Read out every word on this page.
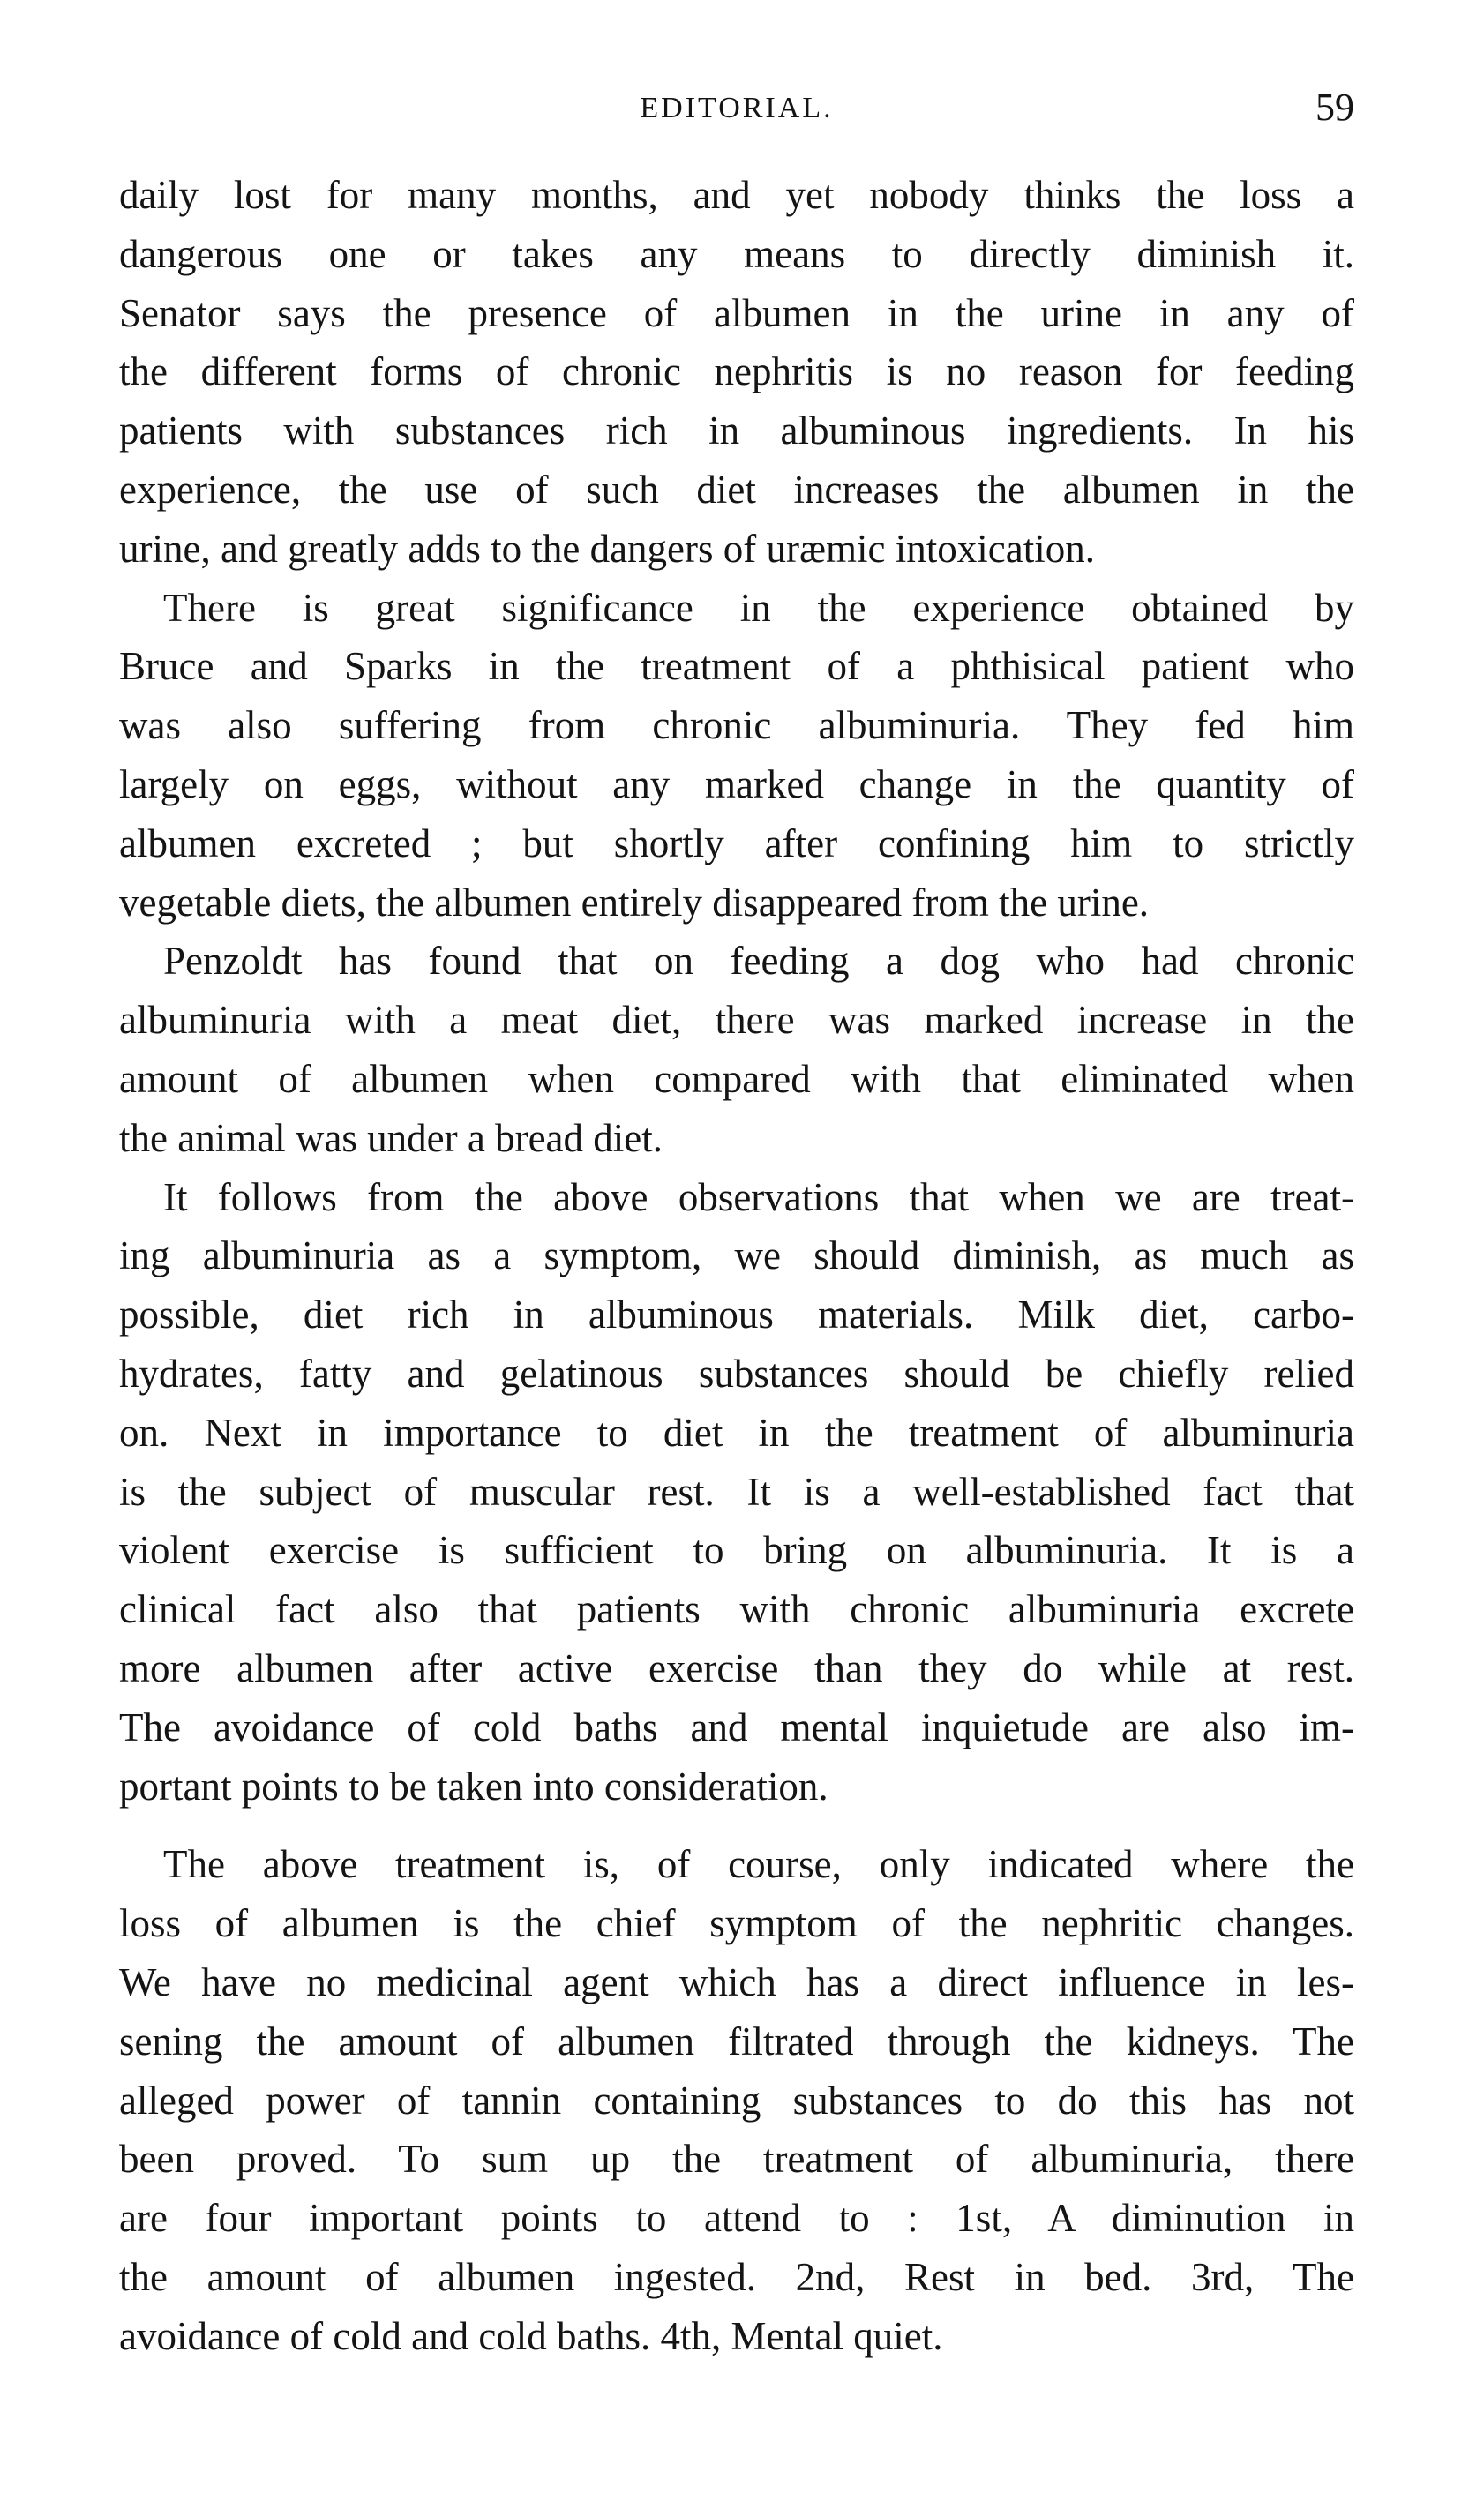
EDITORIAL.	59
daily lost for many months, and yet nobody thinks the loss a
dangerous one or takes any means to directly diminish it.
Senator says the presence of albumen in the urine in any of
the different forms of chronic nephritis is no reason for feeding
patients with substances rich in albuminous ingredients. In his
experience, the use of such diet increases the albumen in the
urine, and greatly adds to the dangers of uræmic intoxication.
There is great significance in the experience obtained by
Bruce and Sparks in the treatment of a phthisical patient who
was also suffering from chronic albuminuria. They fed him
largely on eggs, without any marked change in the quantity of
albumen excreted ; but shortly after confining him to strictly
vegetable diets, the albumen entirely disappeared from the urine.
Penzoldt has found that on feeding a dog who had chronic
albuminuria with a meat diet, there was marked increase in the
amount of albumen when compared with that eliminated when
the animal was under a bread diet.
It follows from the above observations that when we are treat-
ing albuminuria as a symptom, we should diminish, as much as
possible, diet rich in albuminous materials. Milk diet, carbo-
hydrates, fatty and gelatinous substances should be chiefly relied
on. Next in importance to diet in the treatment of albuminuria
is the subject of muscular rest. It is a well-established fact that
violent exercise is sufficient to bring on albuminuria. It is a
clinical fact also that patients with chronic albuminuria excrete
more albumen after active exercise than they do while at rest.
The avoidance of cold baths and mental inquietude are also im-
portant points to be taken into consideration.
The above treatment is, of course, only indicated where the
loss of albumen is the chief symptom of the nephritic changes.
We have no medicinal agent which has a direct influence in les-
sening the amount of albumen filtrated through the kidneys. The
alleged power of tannin containing substances to do this has not
been proved. To sum up the treatment of albuminuria, there
are four important points to attend to : 1st, A diminution in
the amount of albumen ingested. 2nd, Rest in bed. 3rd, The
avoidance of cold and cold baths. 4th, Mental quiet.
